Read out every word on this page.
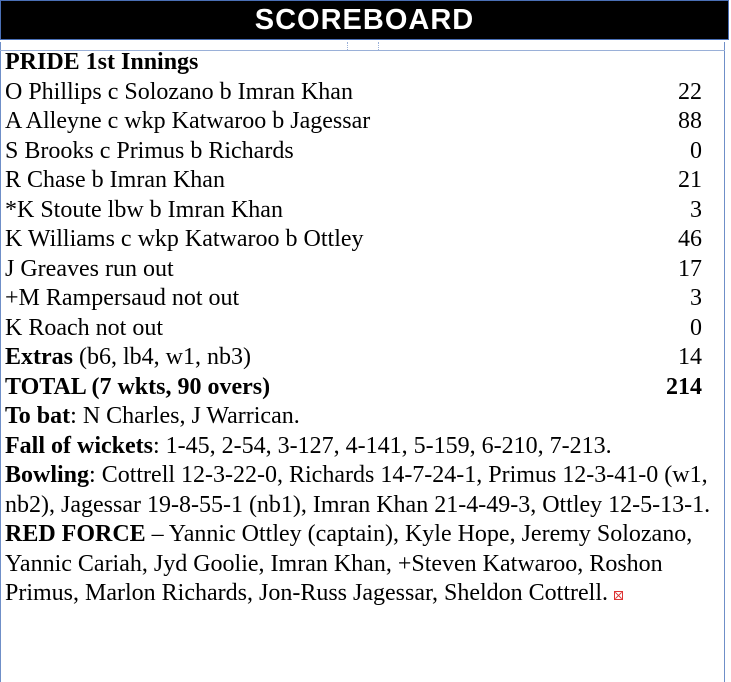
SCOREBOARD
PRIDE 1st Innings
O Phillips c Solozano b Imran Khan	22
A Alleyne c wkp Katwaroo b Jagessar	88
S Brooks c Primus b Richards	0
R Chase b Imran Khan	21
*K Stoute lbw b Imran Khan	3
K Williams c wkp Katwaroo b Ottley	46
J Greaves run out	17
+M Rampersaud not out	3
K Roach not out	0
Extras (b6, lb4, w1, nb3)	14
TOTAL (7 wkts, 90 overs)	214
To bat: N Charles, J Warrican.
Fall of wickets: 1-45, 2-54, 3-127, 4-141, 5-159, 6-210, 7-213.
Bowling: Cottrell 12-3-22-0, Richards 14-7-24-1, Primus 12-3-41-0 (w1, nb2), Jagessar 19-8-55-1 (nb1), Imran Khan 21-4-49-3, Ottley 12-5-13-1.
RED FORCE – Yannic Ottley (captain), Kyle Hope, Jeremy Solozano, Yannic Cariah, Jyd Goolie, Imran Khan, +Steven Katwaroo, Roshon Primus, Marlon Richards, Jon-Russ Jagessar, Sheldon Cottrell.
